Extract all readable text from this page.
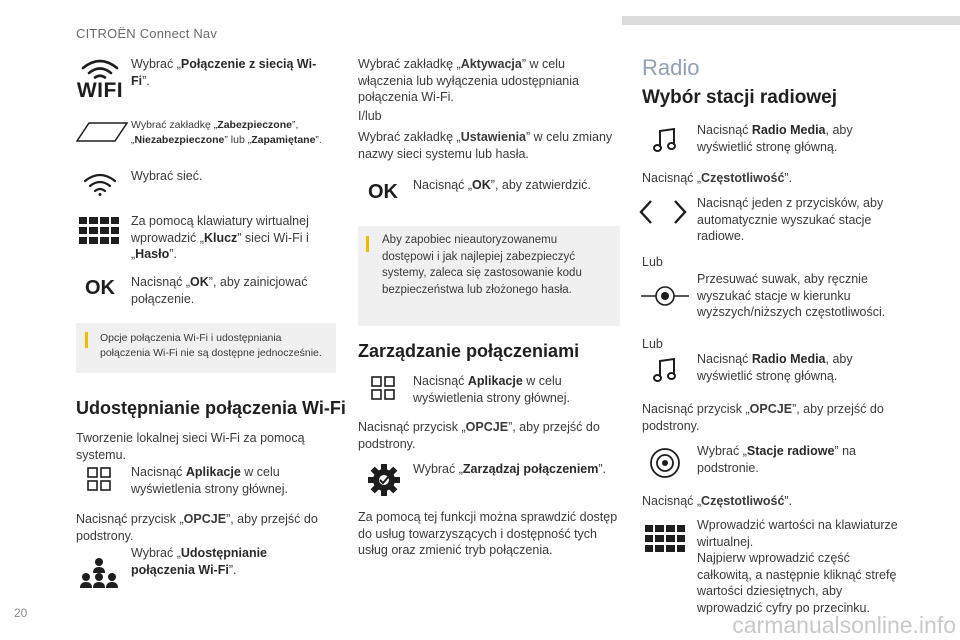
CITROËN Connect Nav
WIFI
Wybrać „Połączenie z siecią Wi-Fi”.
Wybrać zakładkę „Zabezpieczone”, „Niezabezpieczone” lub „Zapamiętane”.
Wybrać sieć.
Za pomocą klawiatury wirtualnej wprowadzić „Klucz” sieci Wi-Fi i „Hasło”.
OK Nacisnąć „OK”, aby zainicjować połączenie.
Opcje połączenia Wi-Fi i udostępniania połączenia Wi-Fi nie są dostępne jednocześnie.
Udostępnianie połączenia Wi-Fi
Tworzenie lokalnej sieci Wi-Fi za pomocą systemu.
Nacisnąć Aplikacje w celu wyświetlenia strony głównej.
Nacisnąć przycisk „OPCJE”, aby przejść do podstrony.
Wybrać „Udostępnianie połączenia Wi-Fi”.
Wybrać zakładkę „Aktywacja” w celu włączenia lub wyłączenia udostępniania połączenia Wi-Fi.
I/lub
Wybrać zakładkę „Ustawienia” w celu zmiany nazwy sieci systemu lub hasła.
OK Nacisnąć „OK”, aby zatwierdzić.
Aby zapobiec nieautoryzowanemu dostępowi i jak najlepiej zabezpieczyć systemy, zaleca się zastosowanie kodu bezpieczeństwa lub złożonego hasła.
Zarządzanie połączeniami
Nacisnąć Aplikacje w celu wyświetlenia strony głównej.
Nacisnąć przycisk „OPCJE”, aby przejść do podstrony.
Wybrać „Zarządzaj połączeniem”.
Za pomocą tej funkcji można sprawdzić dostęp do usług towarzyszących i dostępność tych usług oraz zmienić tryb połączenia.
Radio
Wybór stacji radiowej
Nacisnąć Radio Media, aby wyświetlić stronę główną.
Nacisnąć „Częstotliwość”.
Nacisnąć jeden z przycisków, aby automatycznie wyszukać stacje radiowe.
Lub
Przesuwać suwak, aby ręcznie wyszukać stacje w kierunku wyższych/niższych częstotliwości.
Lub
Nacisnąć Radio Media, aby wyświetlić stronę główną.
Nacisnąć przycisk „OPCJE”, aby przejść do podstrony.
Wybrać „Stacje radiowe” na podstronie.
Nacisnąć „Częstotliwość”.
Wprowadzić wartości na klawiaturze wirtualnej.
Najpierw wprowadzić część całkowitą, a następnie kliknąć strefę wartości dziesiętnych, aby wprowadzić cyfry po przecinku.
20	carmanualsonline.info
